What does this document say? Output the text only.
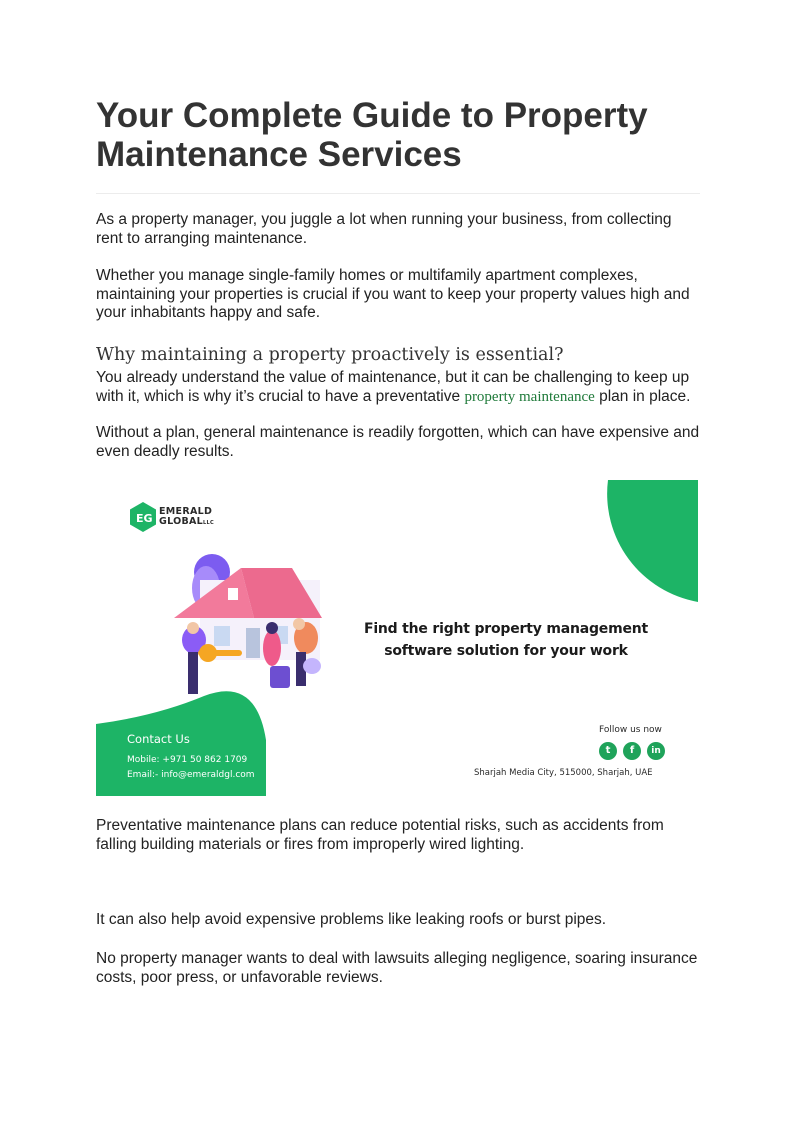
Your Complete Guide to Property Maintenance Services

As a property manager, you juggle a lot when running your business, from collecting rent to arranging maintenance.

Whether you manage single-family homes or multifamily apartment complexes, maintaining your properties is crucial if you want to keep your property values high and your inhabitants happy and safe.

Why maintaining a property proactively is essential?

You already understand the value of maintenance, but it can be challenging to keep up with it, which is why it’s crucial to have a preventative property maintenance plan in place.

Without a plan, general maintenance is readily forgotten, which can have expensive and even deadly results.

Preventative maintenance plans can reduce potential risks, such as accidents from falling building materials or fires from improperly wired lighting.

It can also help avoid expensive problems like leaking roofs or burst pipes.

No property manager wants to deal with lawsuits alleging negligence, soaring insurance costs, poor press, or unfavorable reviews.

EG
EMERALD
GLOBALLLC
Find the right property management
software solution for your work
Contact Us
Mobile: +971 50 862 1709
Email:- info@emeraldgl.com
Follow us now
t	f	in
Sharjah Media City, 515000, Sharjah, UAE
